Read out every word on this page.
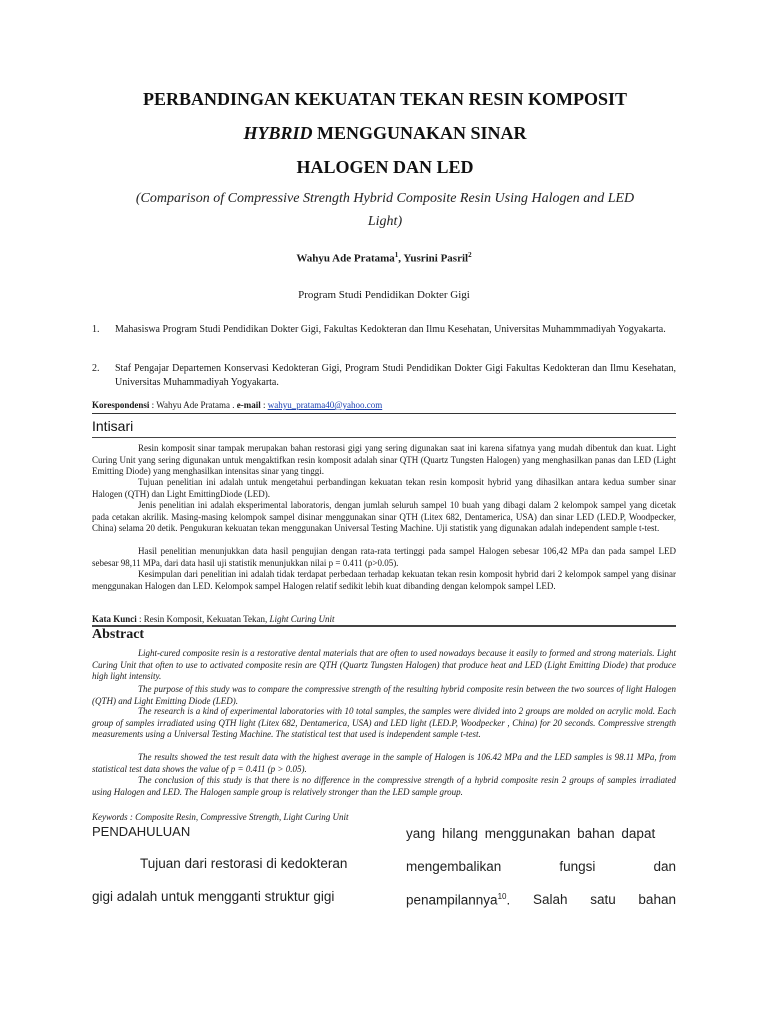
PERBANDINGAN KEKUATAN TEKAN RESIN KOMPOSIT
HYBRID MENGGUNAKAN SINAR
HALOGEN DAN LED
(Comparison of Compressive Strength Hybrid Composite Resin Using Halogen and LED
Light)
Wahyu Ade Pratama$^1$, Yusrini Pasril$^2$
Program Studi Pendidikan Dokter Gigi
1. Mahasiswa Program Studi Pendidikan Dokter Gigi, Fakultas Kedokteran dan Ilmu Kesehatan, Universitas Muhammmadiyah Yogyakarta.
2. Staf Pengajar Departemen Konservasi Kedokteran Gigi, Program Studi Pendidikan Dokter Gigi Fakultas Kedokteran dan Ilmu Kesehatan, Universitas Muhammadiyah Yogyakarta.
Korespondensi : Wahyu Ade Pratama . e-mail : wahyu_pratama40@yahoo.com
Intisari

Resin komposit sinar tampak merupakan bahan restorasi gigi yang sering digunakan saat ini karena sifatnya yang mudah dibentuk dan kuat. Light Curing Unit yang sering digunakan untuk mengaktifkan resin komposit adalah sinar QTH (Quartz Tungsten Halogen) yang menghasilkan panas dan LED (Light Emitting Diode) yang menghasilkan intensitas sinar yang tinggi.

Tujuan penelitian ini adalah untuk mengetahui perbandingan kekuatan tekan resin komposit hybrid yang dihasilkan antara kedua sumber sinar Halogen (QTH) dan Light EmittingDiode (LED).

Jenis penelitian ini adalah eksperimental laboratoris, dengan jumlah seluruh sampel 10 buah yang dibagi dalam 2 kelompok sampel yang dicetak pada cetakan akrilik. Masing-masing kelompok sampel disinar menggunakan sinar QTH (Litex 682, Dentamerica, USA) dan sinar LED (LED.P, Woodpecker, China) selama 20 detik. Pengukuran kekuatan tekan menggunakan Universal Testing Machine. Uji statistik yang digunakan adalah independent sample t-test.

Hasil penelitian menunjukkan data hasil pengujian dengan rata-rata tertinggi pada sampel Halogen sebesar 106,42 MPa dan pada sampel LED sebesar 98,11 MPa, dari data hasil uji statistik menunjukkan nilai p = 0.411 (p>0.05).

Kesimpulan dari penelitian ini adalah tidak terdapat perbedaan terhadap kekuatan tekan resin komposit hybrid dari 2 kelompok sampel yang disinar menggunakan Halogen dan LED. Kelompok sampel Halogen relatif sedikit lebih kuat dibanding dengan kelompok sampel LED.

Kata Kunci : Resin Komposit, Kekuatan Tekan, Light Curing Unit
Abstract

Light-cured composite resin is a restorative dental materials that are often to used nowadays because it easily to formed and strong materials. Light Curing Unit that often to use to activated composite resin are QTH (Quartz Tungsten Halogen) that produce heat and LED (Light Emitting Diode) that produce high light intensity.

The purpose of this study was to compare the compressive strength of the resulting hybrid composite resin between the two sources of light Halogen (QTH) and Light Emitting Diode (LED).

The research is a kind of experimental laboratories with 10 total samples, the samples were divided into 2 groups are molded on acrylic mold. Each group of samples irradiated using QTH light (Litex 682, Dentamerica, USA) and LED light (LED.P, Woodpecker , China) for 20 seconds. Compressive strength measurements using a Universal Testing Machine. The statistical test that used is independent sample t-test.

The results showed the test result data with the highest average in the sample of Halogen is 106.42 MPa and the LED samples is 98.11 MPa, from statistical test data shows the value of p = 0.411 (p > 0.05).

The conclusion of this study is that there is no difference in the compressive strength of a hybrid composite resin 2 groups of samples irradiated using Halogen and LED. The Halogen sample group is relatively stronger than the LED sample group.

Keywords : Composite Resin, Compressive Strength, Light Curing Unit
PENDAHULUAN
Tujuan dari restorasi di kedokteran
gigi adalah untuk mengganti struktur gigi
yang hilang menggunakan bahan dapat
mengembalikan	fungsi	dan
penampilannya$^{10}$. Salah satu bahan
